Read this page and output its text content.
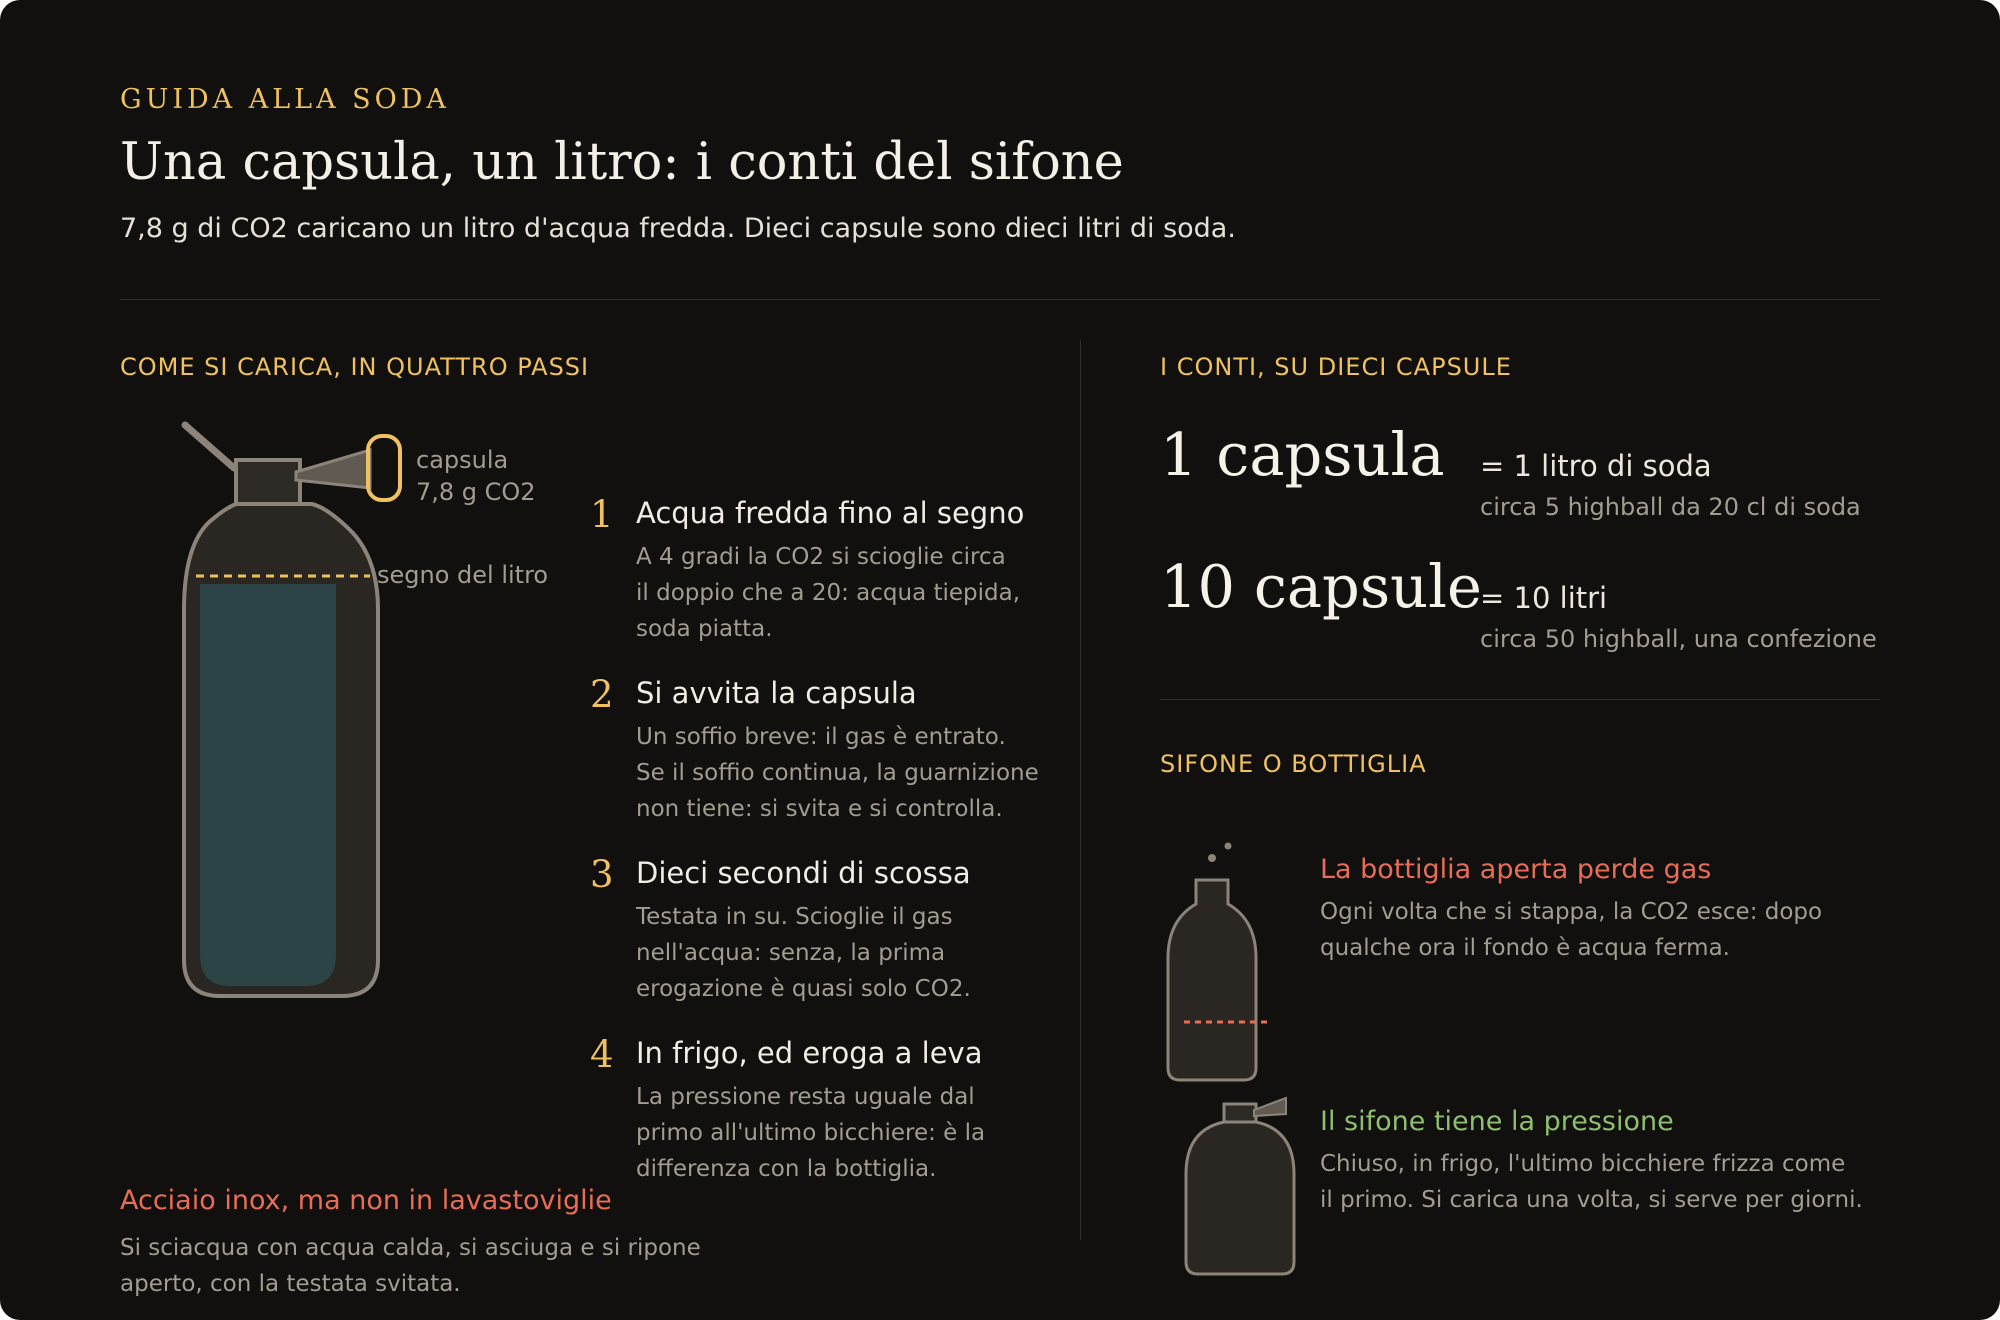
GUIDA ALLA SODA
Una capsula, un litro: i conti del sifone
7,8 g di CO2 caricano un litro d'acqua fredda. Dieci capsule sono dieci litri di soda.
COME SI CARICA, IN QUATTRO PASSI
capsula
7,8 g CO2
segno del litro
1 Acqua fredda fino al segno
A 4 gradi la CO2 si scioglie circa
il doppio che a 20: acqua tiepida,
soda piatta.
2 Si avvita la capsula
Un soffio breve: il gas è entrato.
Se il soffio continua, la guarnizione
non tiene: si svita e si controlla.
3 Dieci secondi di scossa
Testata in su. Scioglie il gas
nell'acqua: senza, la prima
erogazione è quasi solo CO2.
4 In frigo, ed eroga a leva
La pressione resta uguale dal
primo all'ultimo bicchiere: è la
differenza con la bottiglia.
Acciaio inox, ma non in lavastoviglie
Si sciacqua con acqua calda, si asciuga e si ripone
aperto, con la testata svitata.
I CONTI, SU DIECI CAPSULE
1 capsula = 1 litro di soda
circa 5 highball da 20 cl di soda
10 capsule
= 10 litri
circa 50 highball, una confezione
SIFONE O BOTTIGLIA
La bottiglia aperta perde gas
Ogni volta che si stappa, la CO2 esce: dopo
qualche ora il fondo è acqua ferma.
Il sifone tiene la pressione
Chiuso, in frigo, l'ultimo bicchiere frizza come
il primo. Si carica una volta, si serve per giorni.
